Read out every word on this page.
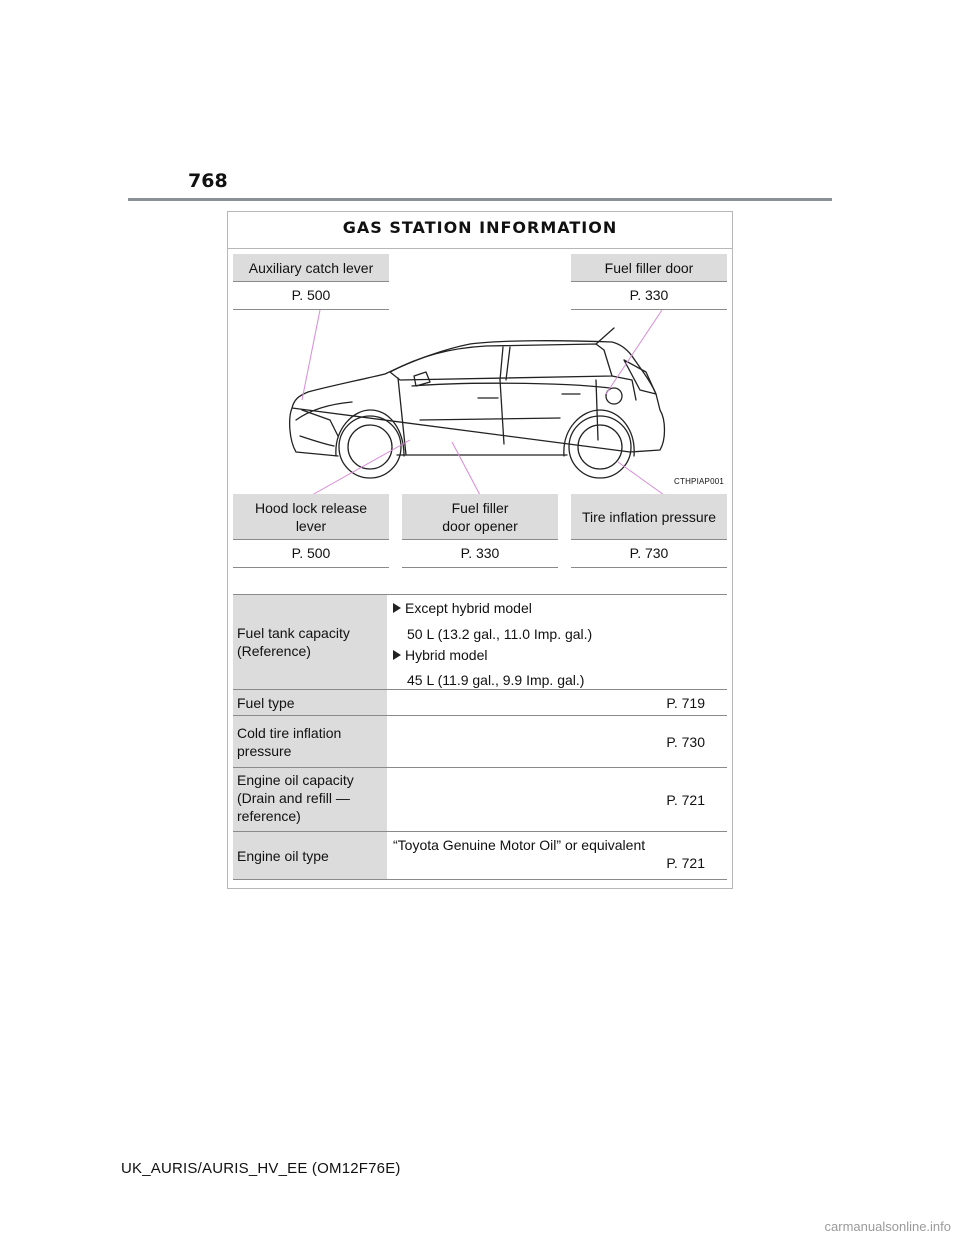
768
GAS STATION INFORMATION
Auxiliary catch lever
P. 500
Fuel filler door
P. 330
CTHPIAP001
Hood lock release
lever
P. 500
Fuel filler
door opener
P. 330
Tire inflation pressure
P. 730
Fuel tank capacity
(Reference)
Except hybrid model
50 L (13.2 gal., 11.0 Imp. gal.)
Hybrid model
45 L (11.9 gal., 9.9 Imp. gal.)
Fuel type	P. 719
Cold tire inflation
pressure
P. 730
Engine oil capacity
(Drain and refill —
reference)
P. 721
Engine oil type
“Toyota Genuine Motor Oil” or equivalent
P. 721
UK_AURIS/AURIS_HV_EE (OM12F76E)
carmanualsonline.info
